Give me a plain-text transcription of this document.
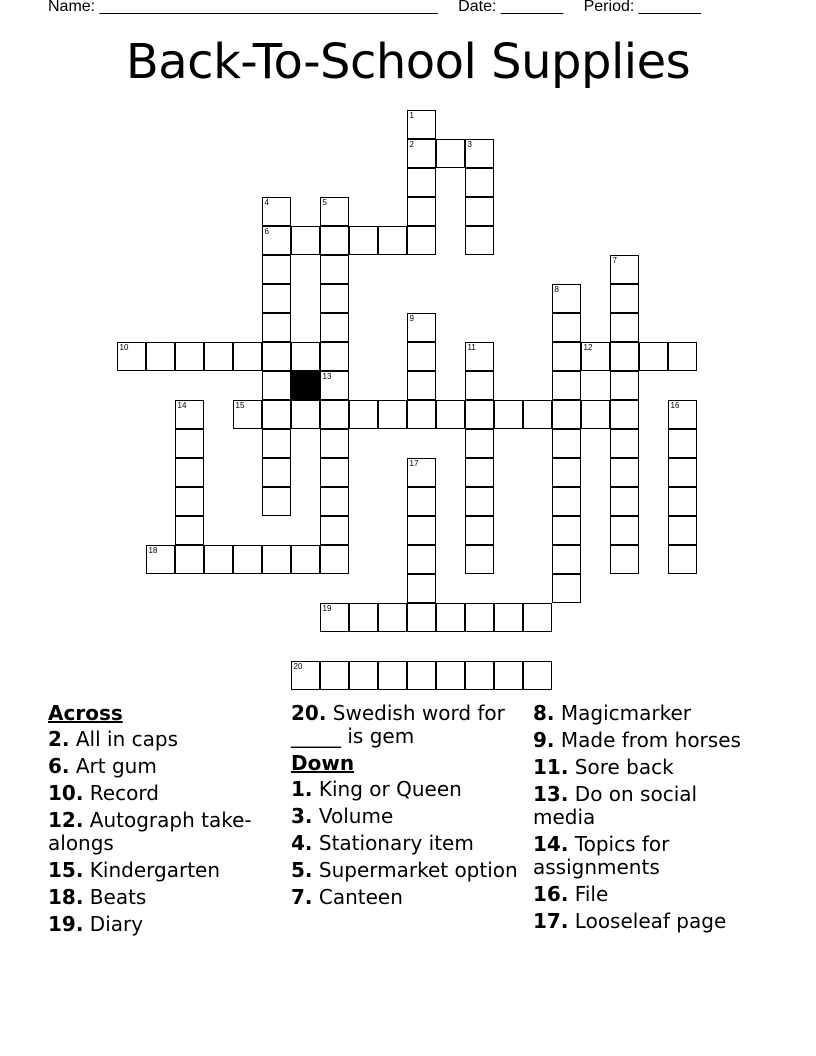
Name: ______________________________________ Date: _______ Period: _______
Back-To-School Supplies
1
2	3
4	5
6
7
8
9
10	11	12
13
14	15	16
17
18
19
20
Across
2. All in caps
6. Art gum
10. Record
12. Autograph take-alongs
15. Kindergarten
18. Beats
19. Diary
20. Swedish word for _____ is gem
Down
1. King or Queen
3. Volume
4. Stationary item
5. Supermarket option
7. Canteen
8. Magicmarker
9. Made from horses
11. Sore back
13. Do on social media
14. Topics for assignments
16. File
17. Looseleaf page
